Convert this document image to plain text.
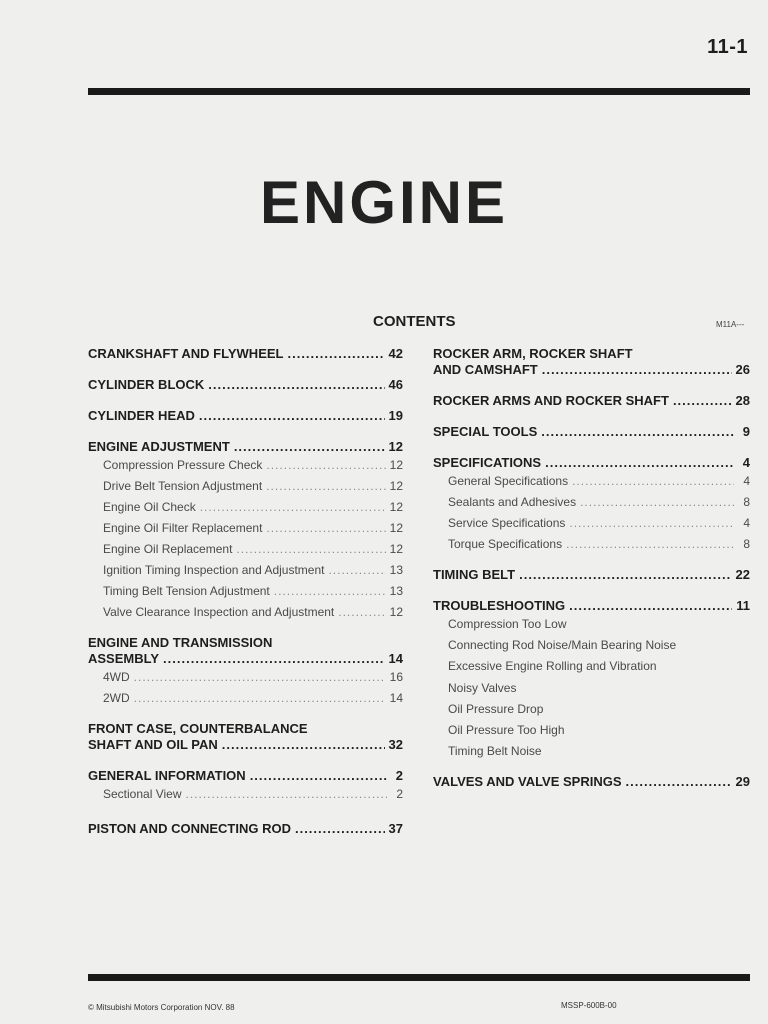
11-1
ENGINE
CONTENTS	M11A---
CRANKSHAFT AND FLYWHEEL .....	42
CYLINDER BLOCK .....	46
CYLINDER HEAD .....	19
ENGINE ADJUSTMENT .....	12
Compression Pressure Check .....	12
Drive Belt Tension Adjustment .....	12
Engine Oil Check .....	12
Engine Oil Filter Replacement .....	12
Engine Oil Replacement .....	12
Ignition Timing Inspection and Adjustment .....	13
Timing Belt Tension Adjustment .....	13
Valve Clearance Inspection and Adjustment .....	12
ENGINE AND TRANSMISSION
ASSEMBLY .....	14
4WD .....	16
2WD .....	14
FRONT CASE, COUNTERBALANCE
SHAFT AND OIL PAN .....	32
GENERAL INFORMATION .....	2
Sectional View .....	2
PISTON AND CONNECTING ROD .....	37
ROCKER ARM, ROCKER SHAFT
AND CAMSHAFT .....	26
ROCKER ARMS AND ROCKER SHAFT .....	28
SPECIAL TOOLS .....	9
SPECIFICATIONS .....	4
General Specifications .....	4
Sealants and Adhesives .....	8
Service Specifications .....	4
Torque Specifications .....	8
TIMING BELT .....	22
TROUBLESHOOTING .....	11
Compression Too Low
Connecting Rod Noise/Main Bearing Noise
Excessive Engine Rolling and Vibration
Noisy Valves
Oil Pressure Drop
Oil Pressure Too High
Timing Belt Noise
VALVES AND VALVE SPRINGS .....	29
© Mitsubishi Motors Corporation NOV. 88	MSSP-600B-00
